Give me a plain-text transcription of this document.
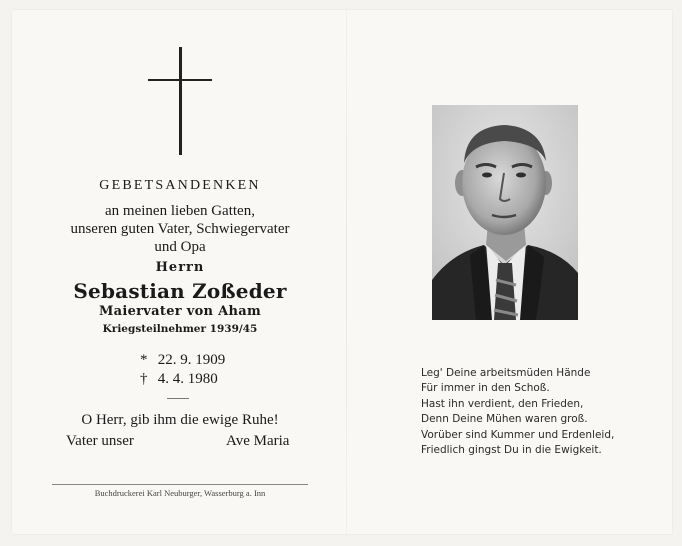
GEBETSANDENKEN
an meinen lieben Gatten,
unseren guten Vater, Schwiegervater
und Opa
Herrn
Sebastian Zoßeder
Maiervater von Aham
Kriegsteilnehmer 1939/45
* 22. 9. 1909
† 4. 4. 1980
O Herr, gib ihm die ewige Ruhe!
Vater unser	Ave Maria
Buchdruckerei Karl Neuburger, Wasserburg a. Inn
Leg' Deine arbeitsmüden Hände
Für immer in den Schoß.
Hast ihn verdient, den Frieden,
Denn Deine Mühen waren groß.
Vorüber sind Kummer und Erdenleid,
Friedlich gingst Du in die Ewigkeit.
